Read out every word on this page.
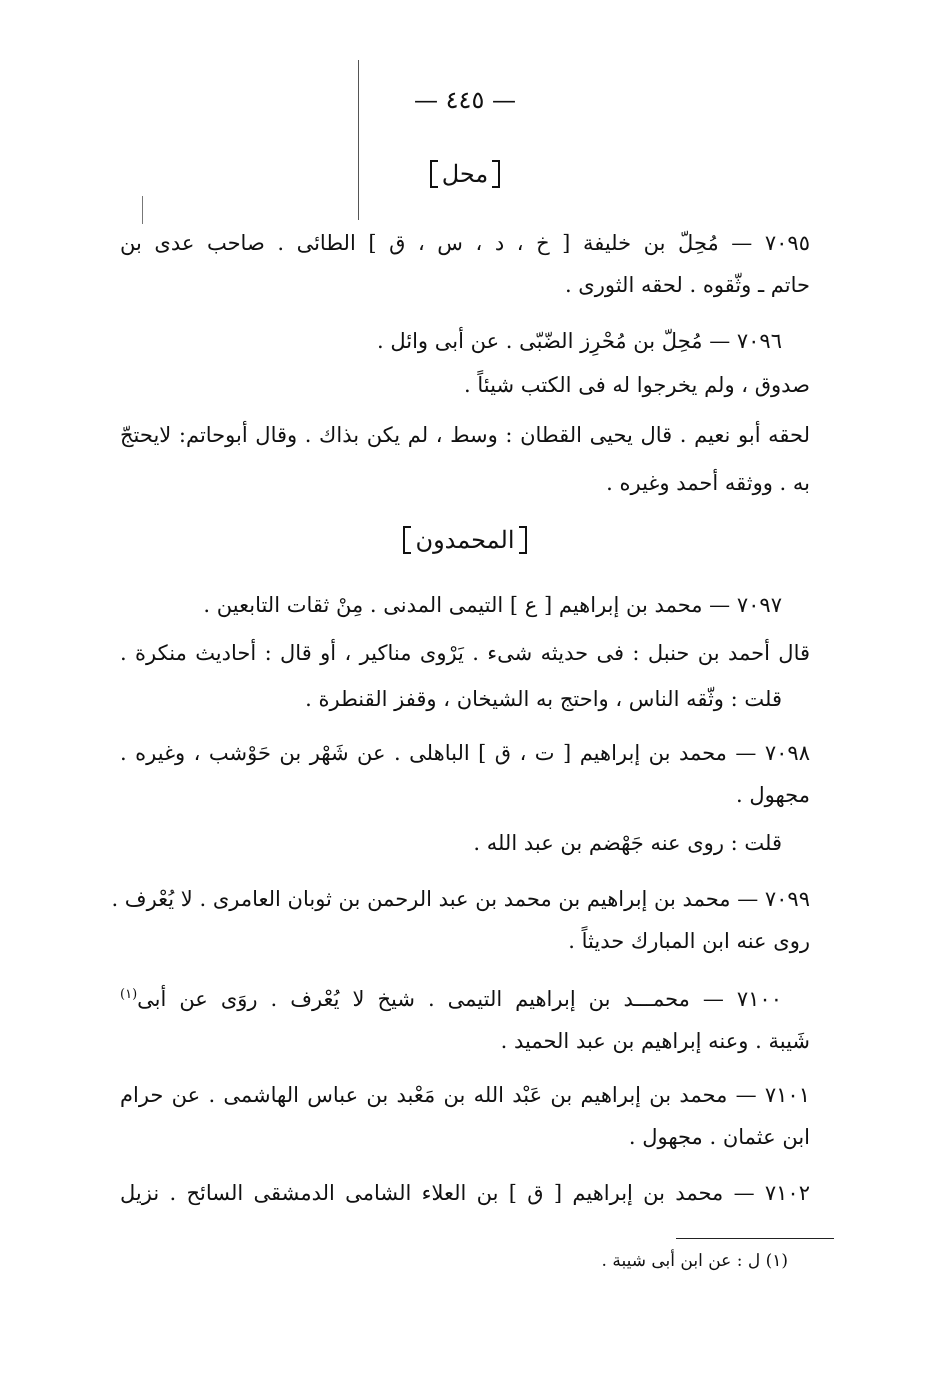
— ٤٤٥ —
محل
٧٠٩٥ — مُحِلّ بن خليفة [ خ ، د ، س ، ق ] الطائى . صاحب عدى بن
حاتم ـ وثّقوه . لحقه الثورى .
٧٠٩٦ — مُحِلّ بن مُحْرِز الضّبّى . عن أبى وائل .
صدوق ، ولم يخرجوا له فى الكتب شيئاً .
لحقه أبو نعيم . قال يحيى القطان : وسط ، لم يكن بذاك . وقال أبوحاتم: لايحتجّ
به . ووثقه أحمد وغيره .
المحمدون
٧٠٩٧ — محمد بن إبراهيم [ ع ] التيمى المدنى . مِنْ ثقات التابعين .
قال أحمد بن حنبل : فى حديثه شىء . يَرْوى مناكير ، أو قال : أحاديث منكرة .
قلت : وثّقه الناس ، واحتج به الشيخان ، وقفز القنطرة .
٧٠٩٨ — محمد بن إبراهيم [ ت ، ق ] الباهلى . عن شَهْر بن حَوْشب ، وغيره .
مجهول .
قلت : روى عنه جَهْضم بن عبد الله .
٧٠٩٩ — محمد بن إبراهيم بن محمد بن عبد الرحمن بن ثوبان العامرى . لا يُعْرف .
روى عنه ابن المبارك حديثاً .
٧١٠٠ — محمـــد بن إبراهيم التيمى . شيخ لا يُعْرف . روَى عن أبى$^{(١)}$
شَيبة . وعنه إبراهيم بن عبد الحميد .
٧١٠١ — محمد بن إبراهيم بن عَبْد الله بن مَعْبد بن عباس الهاشمى . عن حرام
ابن عثمان . مجهول .
٧١٠٢ — محمد بن إبراهيم [ ق ] بن العلاء الشامى الدمشقى السائح . نزيل
(١) ل : عن ابن أبى شيبة .
